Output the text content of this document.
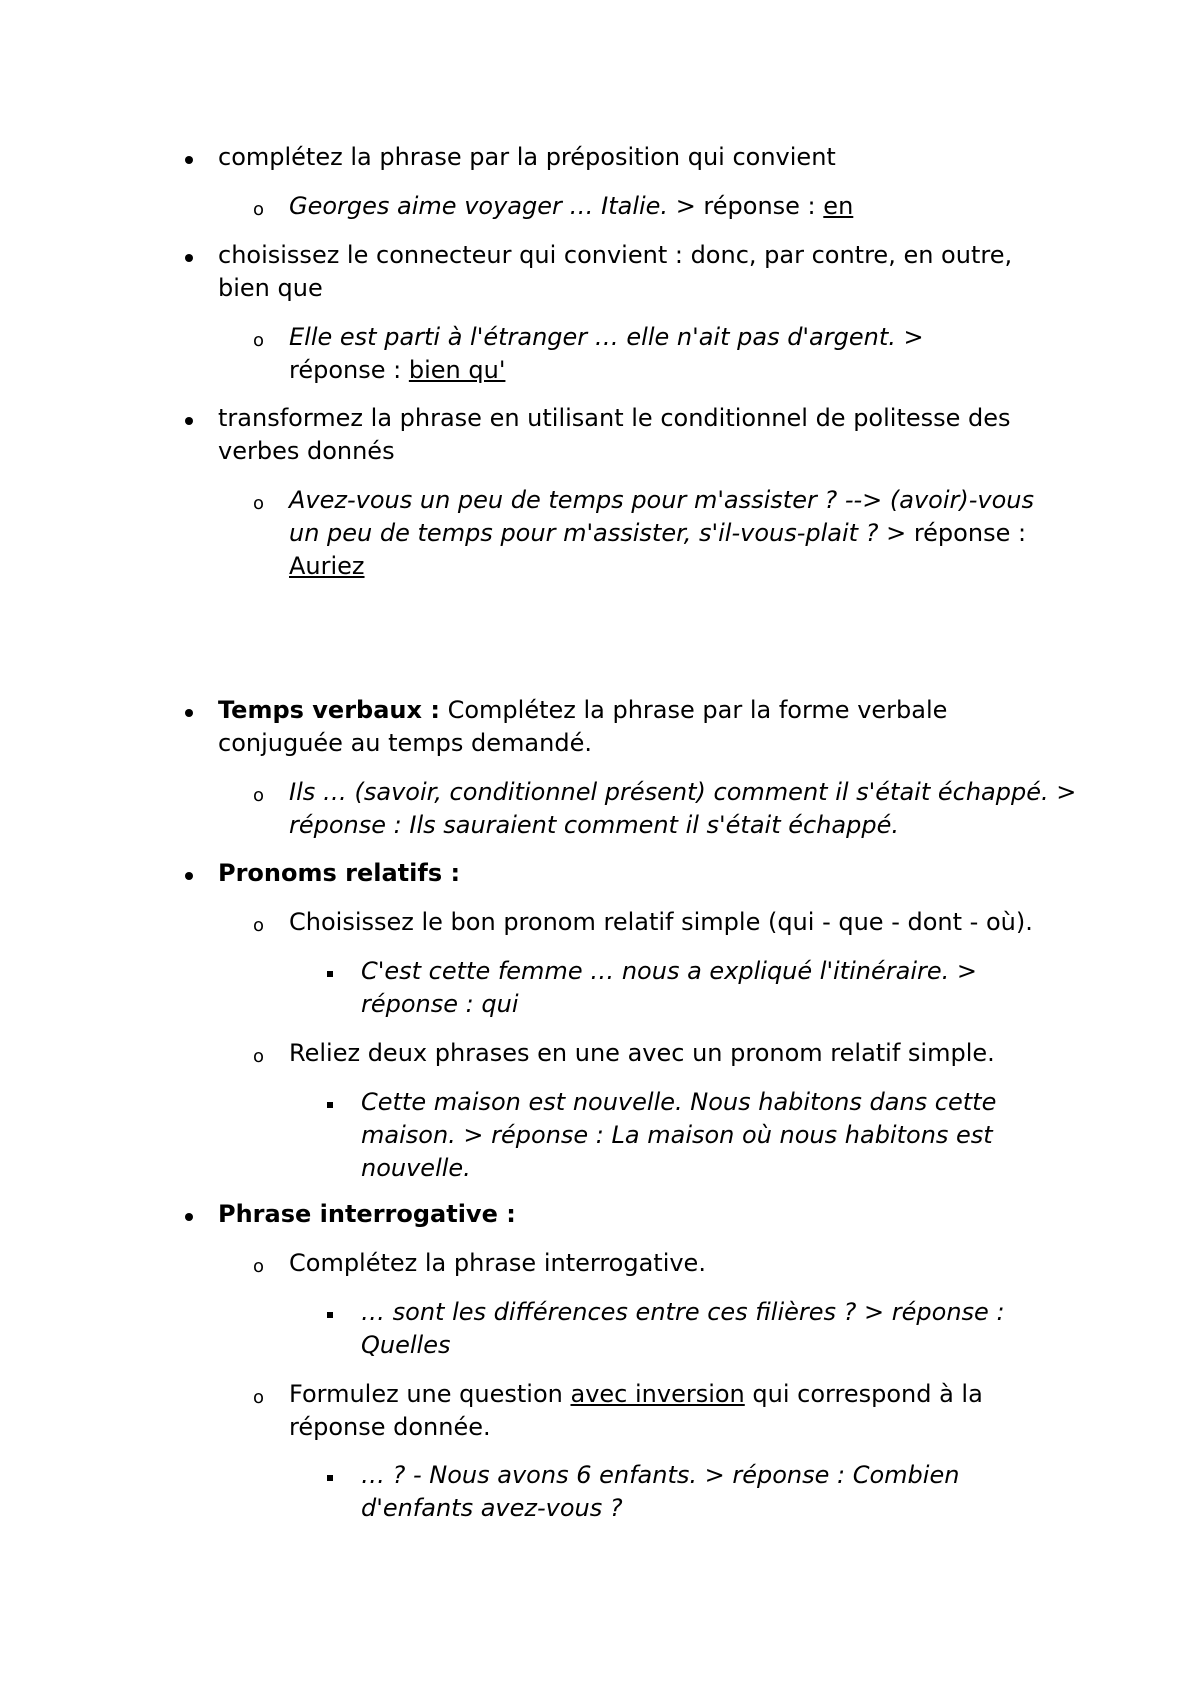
complétez la phrase par la préposition qui convient
o Georges aime voyager … Italie. > réponse : en
choisissez le connecteur qui convient : donc, par contre, en outre, bien que
o Elle est parti à l'étranger … elle n'ait pas d'argent. > réponse : bien qu'
transformez la phrase en utilisant le conditionnel de politesse des verbes donnés
o Avez-vous un peu de temps pour m'assister ? --> (avoir)-vous un peu de temps pour m'assister, s'il-vous-plait ? > réponse : Auriez
Temps verbaux : Complétez la phrase par la forme verbale conjuguée au temps demandé.
o Ils … (savoir, conditionnel présent) comment il s'était échappé. > réponse : Ils sauraient comment il s'était échappé.
Pronoms relatifs :
o Choisissez le bon pronom relatif simple (qui - que - dont - où).
C'est cette femme … nous a expliqué l'itinéraire. > réponse : qui
o Reliez deux phrases en une avec un pronom relatif simple.
Cette maison est nouvelle. Nous habitons dans cette maison. > réponse : La maison où nous habitons est nouvelle.
Phrase interrogative :
o Complétez la phrase interrogative.
… sont les différences entre ces filières ? > réponse : Quelles
o Formulez une question avec inversion qui correspond à la réponse donnée.
… ? - Nous avons 6 enfants. > réponse : Combien d'enfants avez-vous ?
